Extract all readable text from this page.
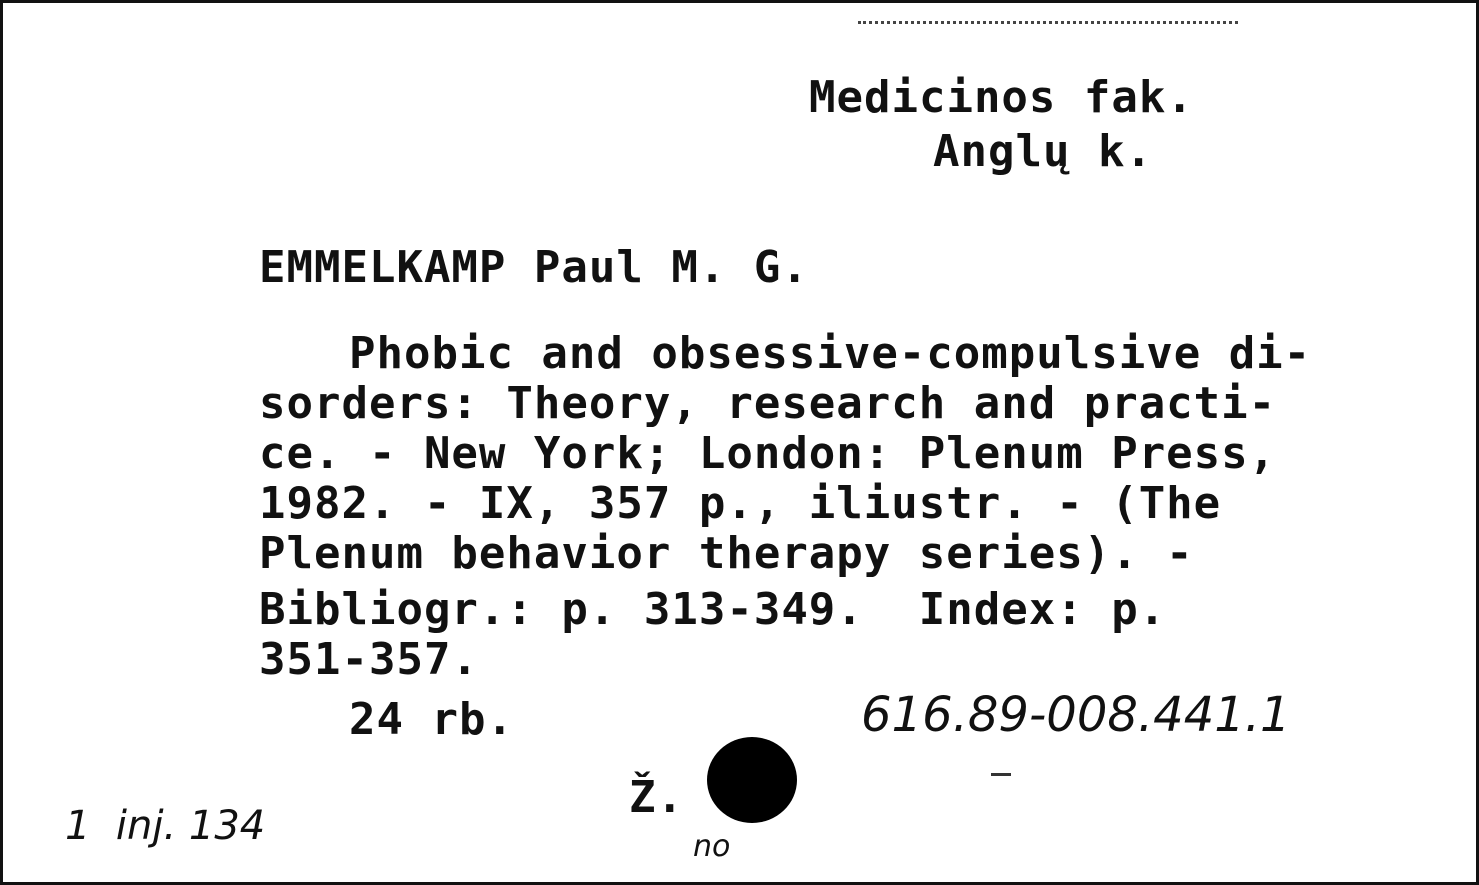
Medicinos fak.
Anglų k.
EMMELKAMP Paul M. G.
Phobic and obsessive-compulsive di-
sorders: Theory, research and practi-
ce. - New York; London: Plenum Press,
1982. - IX, 357 p., iliustr. - (The
Plenum behavior therapy series). -
Bibliogr.: p. 313-349.  Index: p.
351-357.
24 rb.	616.89-008.441.1
Ž.
1  inj. 134	no
